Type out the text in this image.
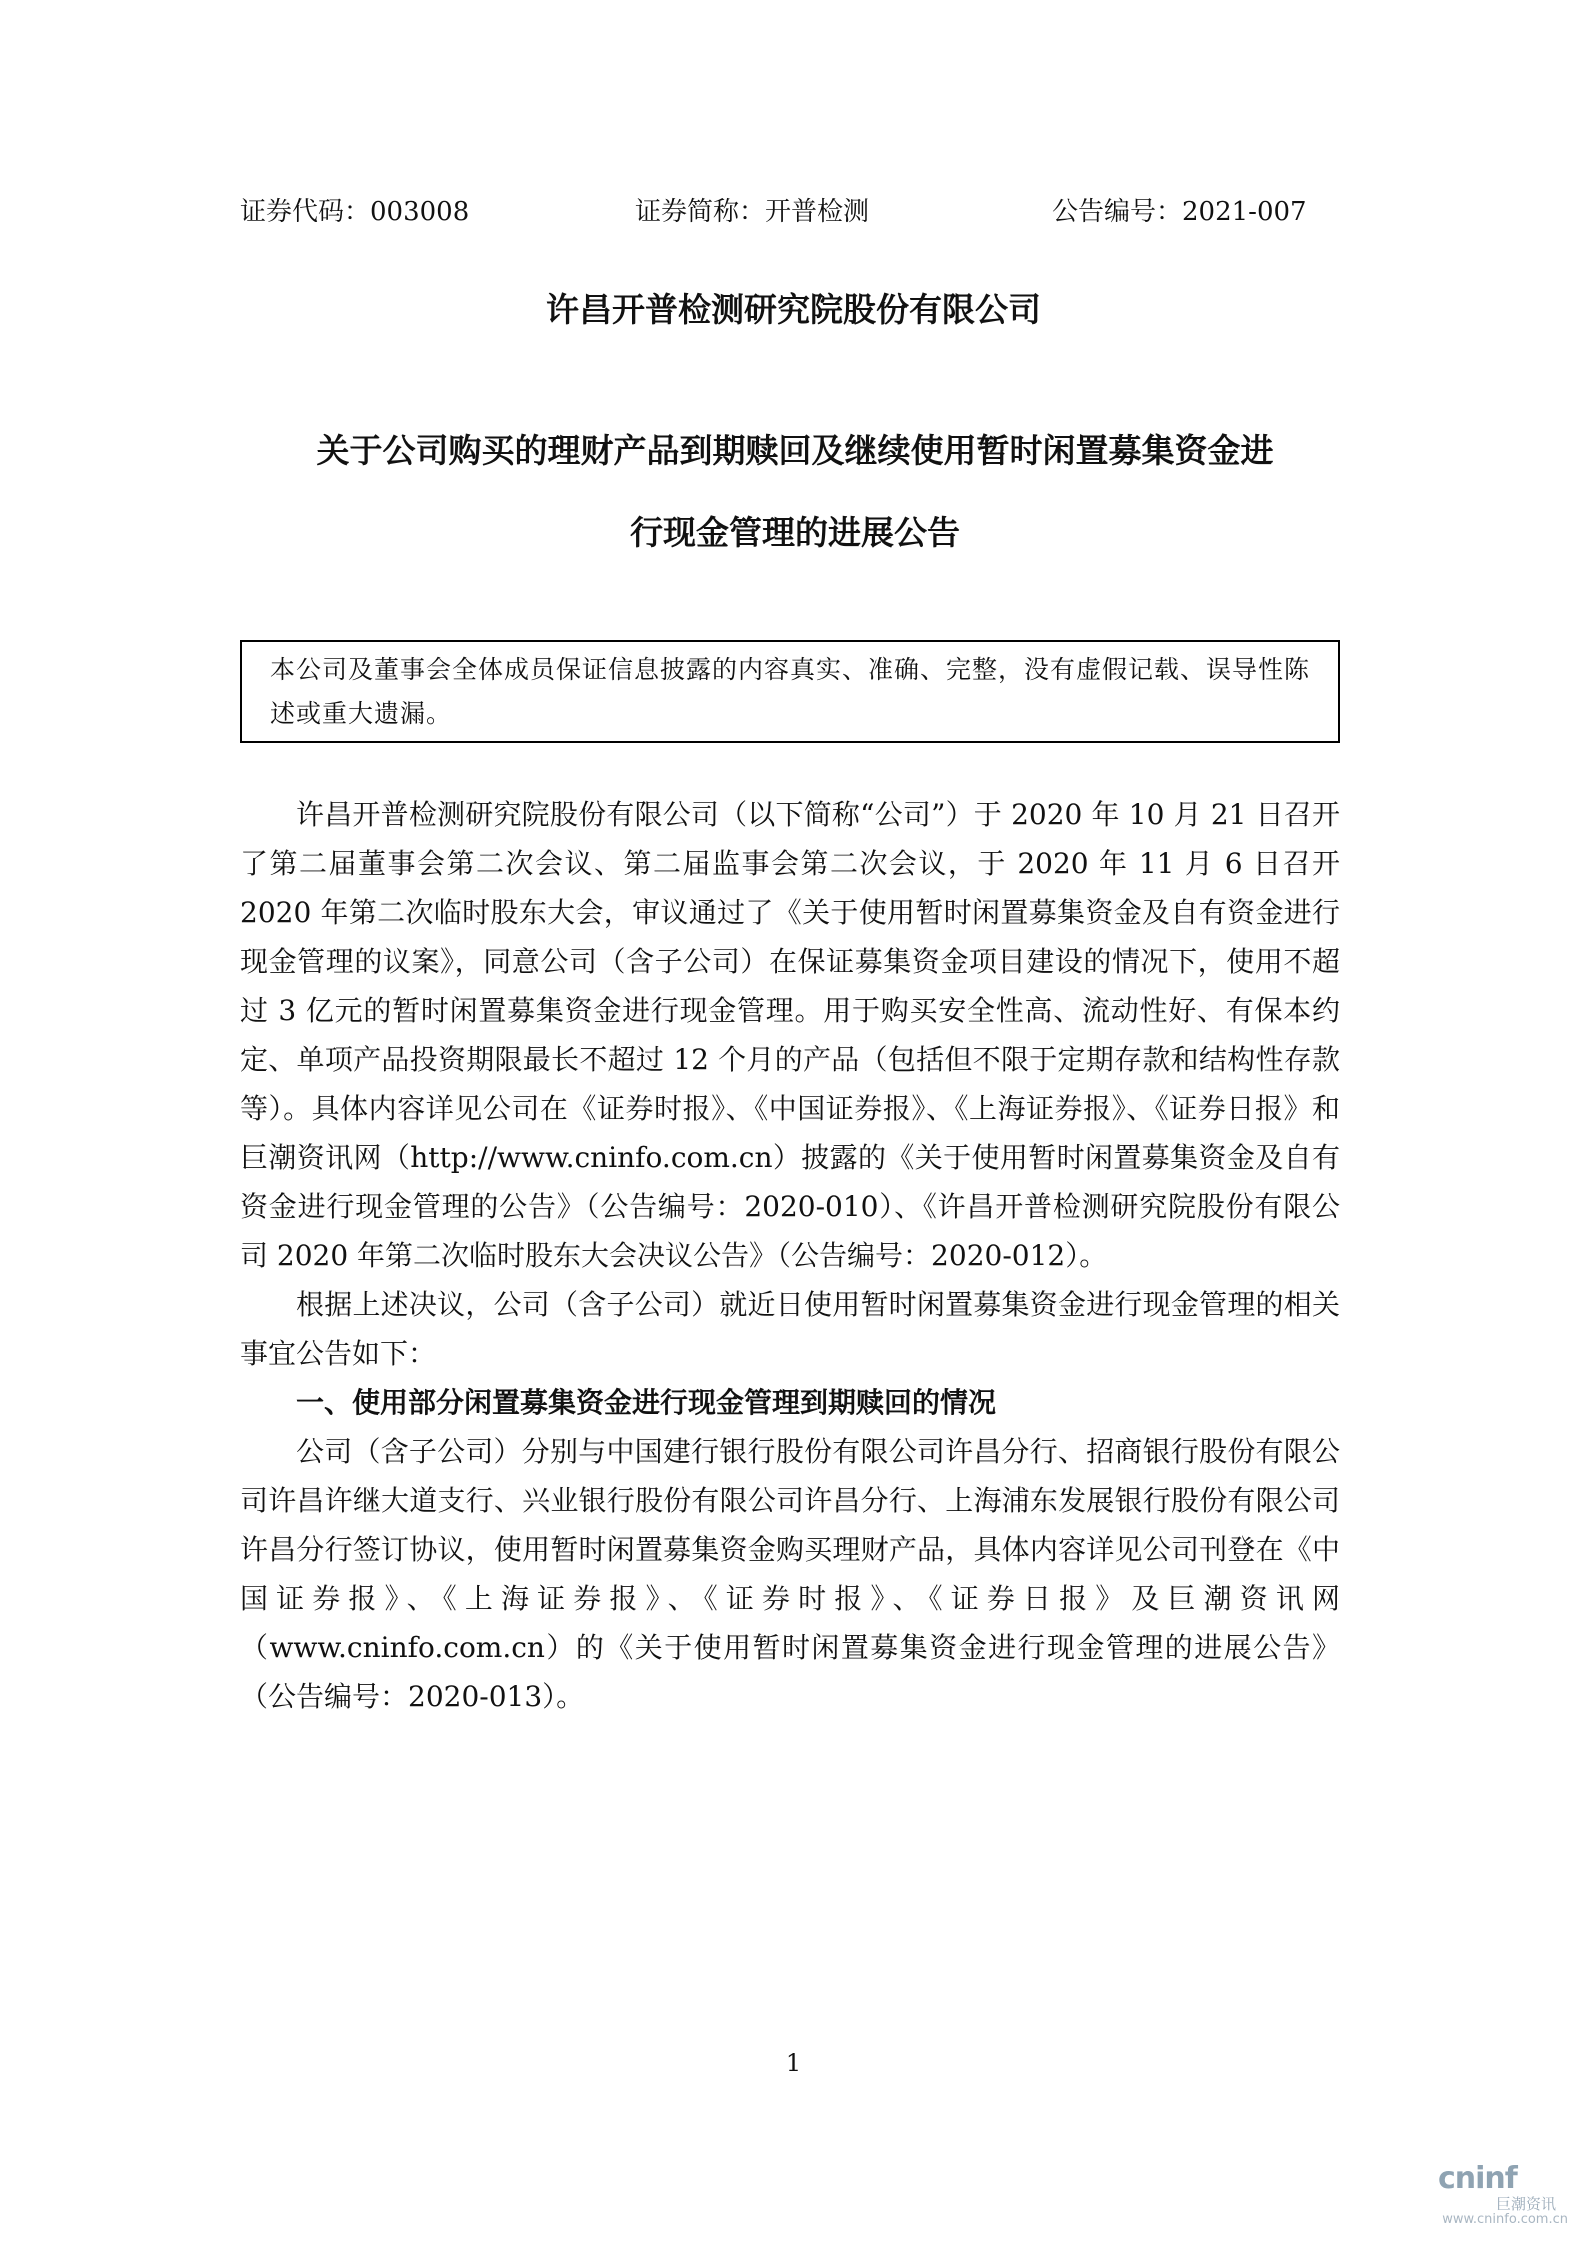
证券代码：003008	证券简称：开普检测	公告编号：2021-007
许昌开普检测研究院股份有限公司
关于公司购买的理财产品到期赎回及继续使用暂时闲置募集资金进
行现金管理的进展公告
本公司及董事会全体成员保证信息披露的内容真实、准确、完整，没有虚假记载、误导性陈述或重大遗漏。

许昌开普检测研究院股份有限公司（以下简称“公司”）于 2020 年 10 月 21 日召开了第二届董事会第二次会议、第二届监事会第二次会议，于 2020 年 11 月 6 日召开 2020 年第二次临时股东大会，审议通过了《关于使用暂时闲置募集资金及自有资金进行现金管理的议案》，同意公司（含子公司）在保证募集资金项目建设的情况下，使用不超过 3 亿元的暂时闲置募集资金进行现金管理。用于购买安全性高、流动性好、有保本约定、单项产品投资期限最长不超过 12 个月的产品（包括但不限于定期存款和结构性存款等）。具体内容详见公司在《证券时报》、《中国证券报》、《上海证券报》、《证券日报》和巨潮资讯网（http://www.cninfo.com.cn）披露的《关于使用暂时闲置募集资金及自有资金进行现金管理的公告》（公告编号：2020-010）、《许昌开普检测研究院股份有限公司 2020 年第二次临时股东大会决议公告》（公告编号：2020-012）。

根据上述决议，公司（含子公司）就近日使用暂时闲置募集资金进行现金管理的相关事宜公告如下：

一、使用部分闲置募集资金进行现金管理到期赎回的情况

公司（含子公司）分别与中国建行银行股份有限公司许昌分行、招商银行股份有限公司许昌许继大道支行、兴业银行股份有限公司许昌分行、上海浦东发展银行股份有限公司许昌分行签订协议，使用暂时闲置募集资金购买理财产品，具体内容详见公司刊登在《中国证券报》、《上海证券报》、《证券时报》、《证券日报》及巨潮资讯网（www.cninfo.com.cn）的《关于使用暂时闲置募集资金进行现金管理的进展公告》（公告编号：2020-013）。

1
cninf
巨潮资讯
www.cninfo.com.cn
